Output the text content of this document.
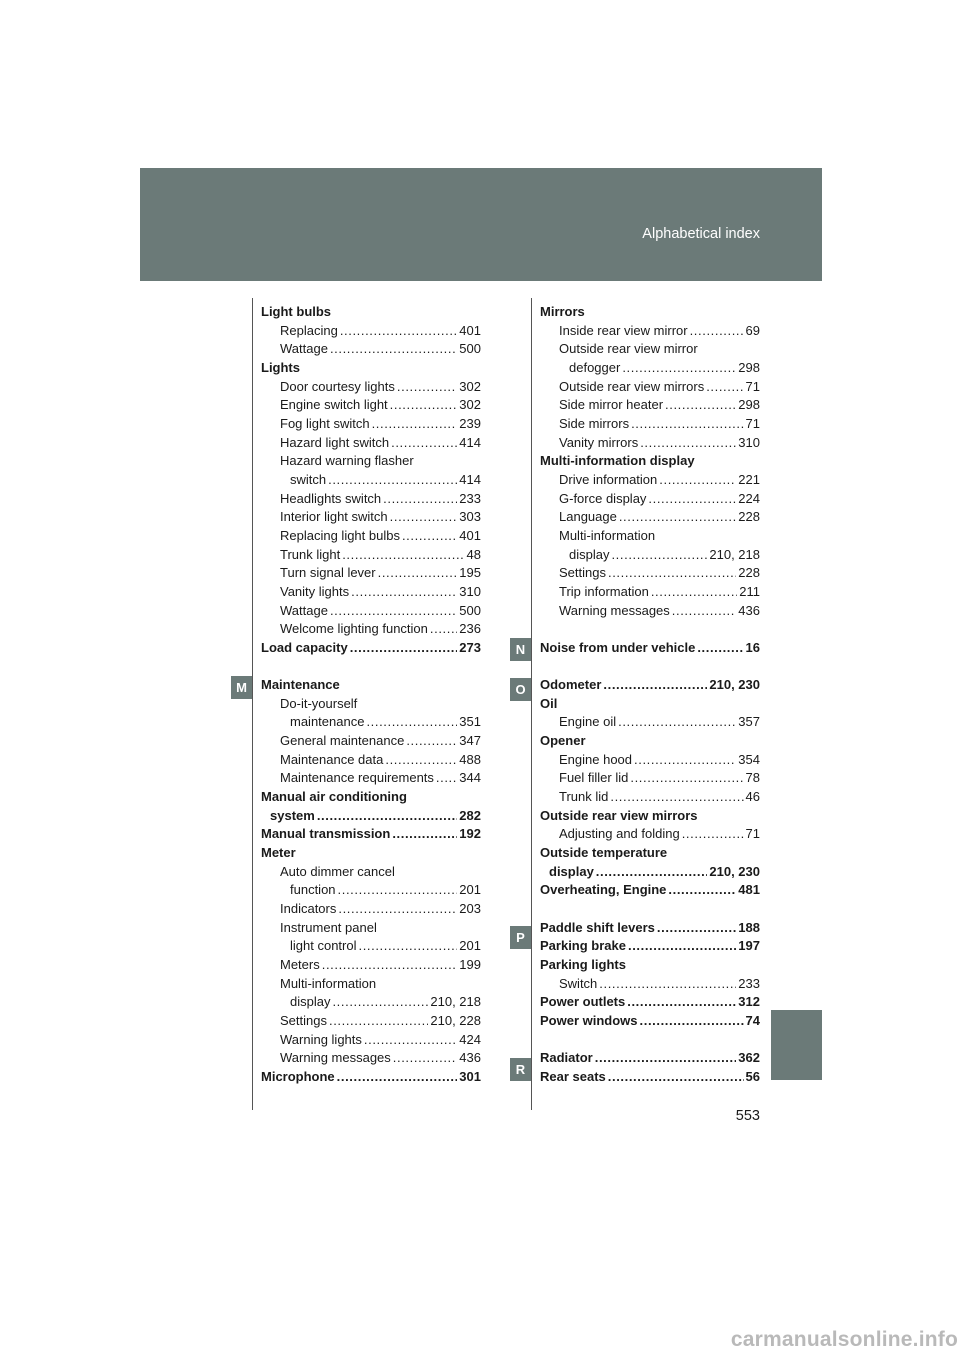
Alphabetical index
M
N
O
P
R
Light bulbs
Replacing .....	401
Wattage .....	500
Lights
Door courtesy lights .....	302
Engine switch light .....	302
Fog light switch .....	239
Hazard light switch .....	414
Hazard warning flasher
switch .....	414
Headlights switch .....	233
Interior light switch .....	303
Replacing light bulbs .....	401
Trunk light .....	48
Turn signal lever .....	195
Vanity lights .....	310
Wattage .....	500
Welcome lighting function ..... 236
Load capacity .....	273
Maintenance
Do-it-yourself
maintenance .....	351
General maintenance .....	347
Maintenance data .....	488
Maintenance requirements ..... 344
Manual air conditioning
system .....	282
Manual transmission .....	192
Meter
Auto dimmer cancel
function .....	201
Indicators .....	203
Instrument panel
light control .....	201
Meters .....	199
Multi-information
display .....	210, 218
Settings .....	210, 228
Warning lights .....	424
Warning messages .....	436
Microphone .....	301
Mirrors
Inside rear view mirror .....	69
Outside rear view mirror
defogger .....	298
Outside rear view mirrors .....	71
Side mirror heater .....	298
Side mirrors .....	71
Vanity mirrors .....	310
Multi-information display
Drive information .....	221
G-force display .....	224
Language .....	228
Multi-information
display .....	210, 218
Settings .....	228
Trip information .....	211
Warning messages .....	436
Noise from under vehicle .....	16
Odometer .....	210, 230
Oil
Engine oil .....	357
Opener
Engine hood .....	354
Fuel filler lid .....	78
Trunk lid .....	46
Outside rear view mirrors
Adjusting and folding .....	71
Outside temperature
display .....	210, 230
Overheating, Engine .....	481
Paddle shift levers .....	188
Parking brake .....	197
Parking lights
Switch .....	233
Power outlets .....	312
Power windows .....	74
Radiator .....	362
Rear seats .....	56
553
carmanualsonline.info
